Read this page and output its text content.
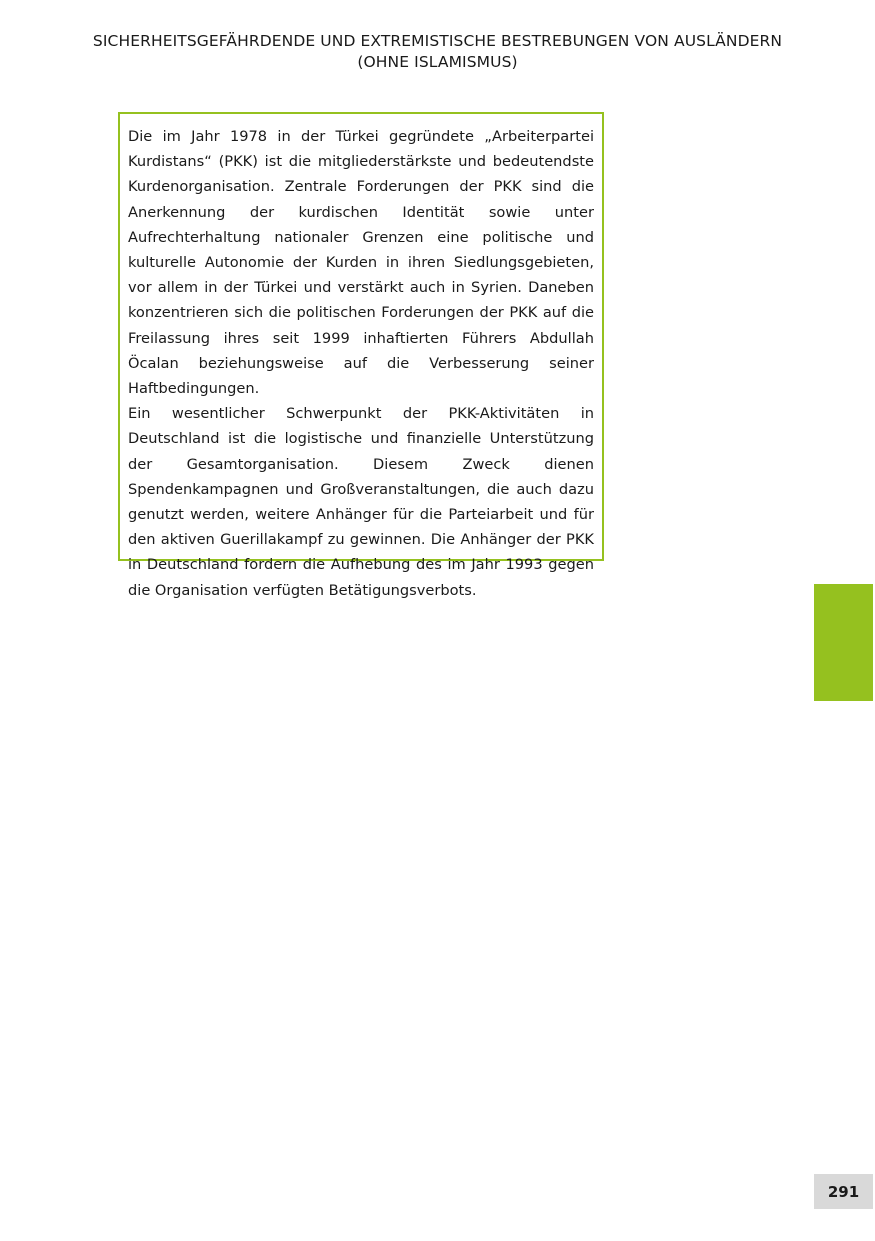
SICHERHEITSGEFÄHRDENDE UND EXTREMISTISCHE BESTREBUNGEN VON AUSLÄNDERN
(OHNE ISLAMISMUS)

Die im Jahr 1978 in der Türkei gegründete „Arbeiterpartei Kurdistans“ (PKK) ist die mitgliederstärkste und bedeutendste Kurdenorganisation. Zentrale Forderungen der PKK sind die Anerkennung der kurdischen Identität sowie unter Aufrechterhaltung nationaler Grenzen eine politische und kulturelle Autonomie der Kurden in ihren Siedlungsgebieten, vor allem in der Türkei und verstärkt auch in Syrien. Daneben konzentrieren sich die politischen Forderungen der PKK auf die Freilassung ihres seit 1999 inhaftierten Führers Abdullah Öcalan beziehungsweise auf die Verbesserung seiner Haftbedingungen.

Ein wesentlicher Schwerpunkt der PKK-Aktivitäten in Deutschland ist die logistische und finanzielle Unterstützung der Gesamtorganisation. Diesem Zweck dienen Spendenkampagnen und Großveranstaltungen, die auch dazu genutzt werden, weitere Anhänger für die Parteiarbeit und für den aktiven Guerillakampf zu gewinnen. Die Anhänger der PKK in Deutschland fordern die Aufhebung des im Jahr 1993 gegen die Organisation verfügten Betätigungsverbots.

291
